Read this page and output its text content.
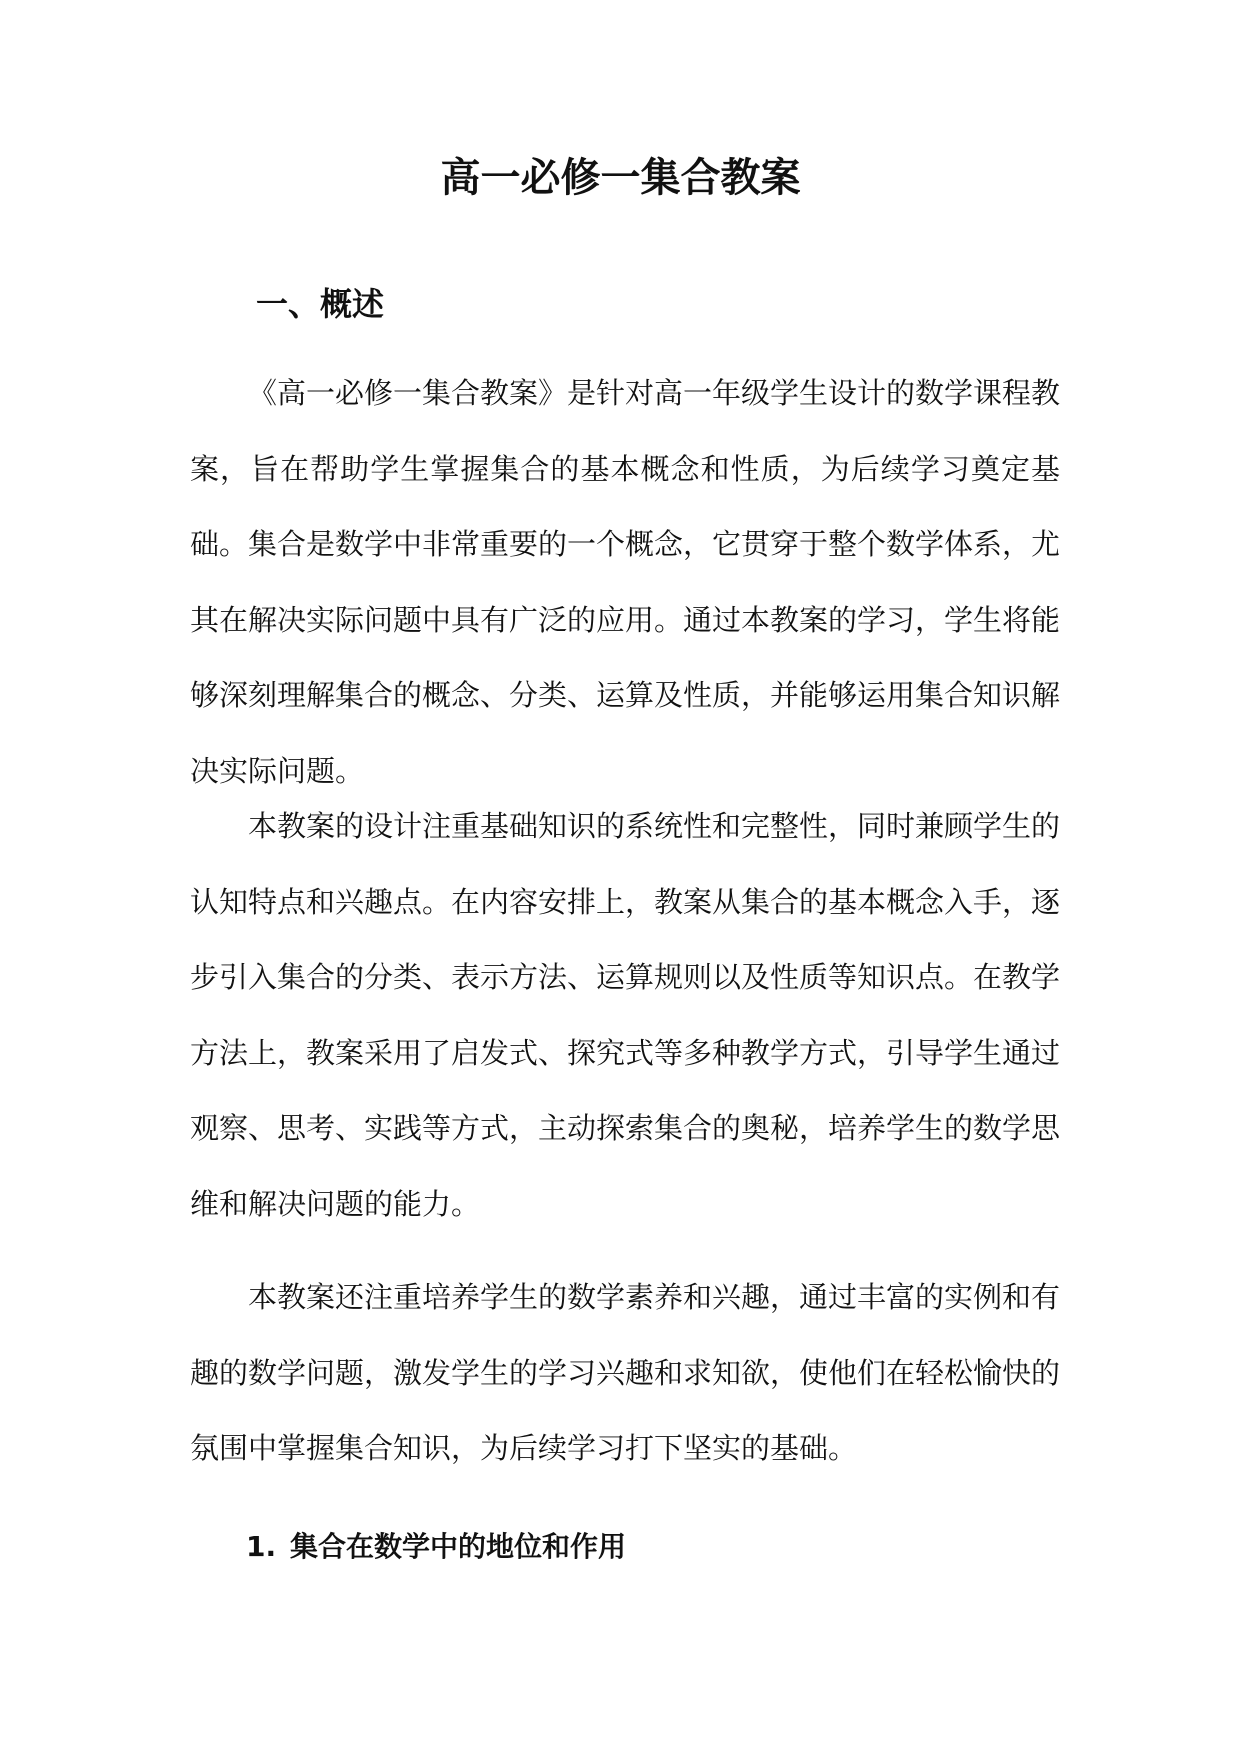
高一必修一集合教案
一、概述

《高一必修一集合教案》是针对高一年级学生设计的数学课程教案，旨在帮助学生掌握集合的基本概念和性质，为后续学习奠定基础。集合是数学中非常重要的一个概念，它贯穿于整个数学体系，尤其在解决实际问题中具有广泛的应用。通过本教案的学习，学生将能够深刻理解集合的概念、分类、运算及性质，并能够运用集合知识解决实际问题。

本教案的设计注重基础知识的系统性和完整性，同时兼顾学生的认知特点和兴趣点。在内容安排上，教案从集合的基本概念入手，逐步引入集合的分类、表示方法、运算规则以及性质等知识点。在教学方法上，教案采用了启发式、探究式等多种教学方式，引导学生通过观察、思考、实践等方式，主动探索集合的奥秘，培养学生的数学思维和解决问题的能力。

本教案还注重培养学生的数学素养和兴趣，通过丰富的实例和有趣的数学问题，激发学生的学习兴趣和求知欲，使他们在轻松愉快的氛围中掌握集合知识，为后续学习打下坚实的基础。

1. 集合在数学中的地位和作用
